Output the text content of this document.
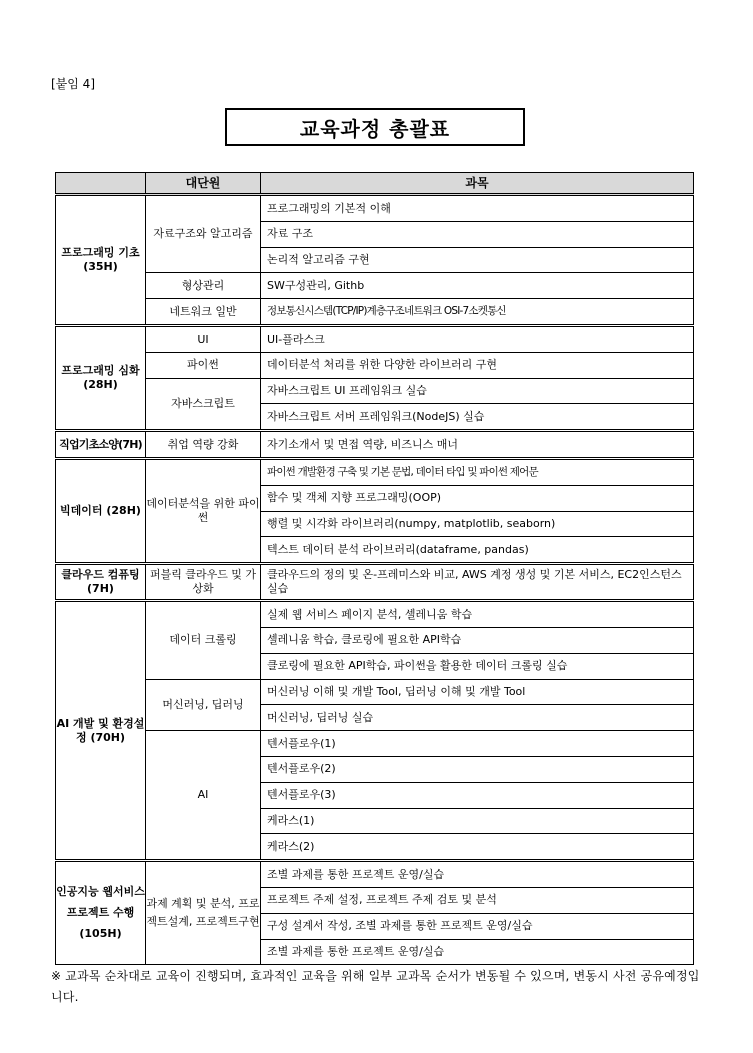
[붙임 4]
교육과정 총괄표
	대단원	과목
프로그래밍 기초(35H)	자료구조와 알고리즘	프로그래밍의 기본적 이해
		자료 구조
		논리적 알고리즘 구현
	형상관리	SW구성관리, Githb
	네트워크 일반	정보통신시스템(TCP/IP)계층구조네트워크 OSI-7소켓통신
프로그래밍 심화(28H)	UI	UI-플라스크
	파이썬	데이터분석 처리를 위한 다양한 라이브러리 구현
	자바스크립트	자바스크립트 UI 프레임워크 실습
		자바스크립트 서버 프레임워크(NodeJS) 실습
직업기초소양(7H)	취업 역량 강화	자기소개서 및 면접 역량, 비즈니스 매너
빅데이터 (28H)	데이터분석을 위한 파이썬	파이썬 개발환경 구축 및 기본 문법, 데이터 타입 및 파이썬 제어문
		함수 및 객체 지향 프로그래밍(OOP)
		행렬 및 시각화 라이브러리(numpy, matplotlib, seaborn)
		텍스트 데이터 분석 라이브러리(dataframe, pandas)
클라우드 컴퓨팅(7H)	퍼블릭 클라우드 및 가상화	클라우드의 정의 및 온-프레미스와 비교, AWS 계정 생성 및 기본 서비스, EC2인스턴스 실습
AI 개발 및 환경설정 (70H)	데이터 크롤링	실제 웹 서비스 페이지 분석, 셀레니움 학습
		셀레니움 학습, 클로링에 필요한 API학습
		클로링에 필요한 API학습, 파이썬을 활용한 데이터 크롤링 실습
	머신러닝, 딥러닝	머신러닝 이해 및 개발 Tool, 딥러닝 이해 및 개발 Tool
		머신러닝, 딥러닝 실습
	AI	텐서플로우(1)
		텐서플로우(2)
		텐서플로우(3)
		케라스(1)
		케라스(2)
인공지능 웹서비스 프로젝트 수행(105H)	과제 계획 및 분석, 프로젝트설계, 프로젝트구현	조별 과제를 통한 프로젝트 운영/실습
		프로젝트 주제 설정, 프로젝트 주제 검토 및 분석
		구성 설계서 작성, 조별 과제를 통한 프로젝트 운영/실습
		조별 과제를 통한 프로젝트 운영/실습
※ 교과목 순차대로 교육이 진행되며, 효과적인 교육을 위해 일부 교과목 순서가 변동될 수 있으며, 변동시 사전 공유예정입니다.
